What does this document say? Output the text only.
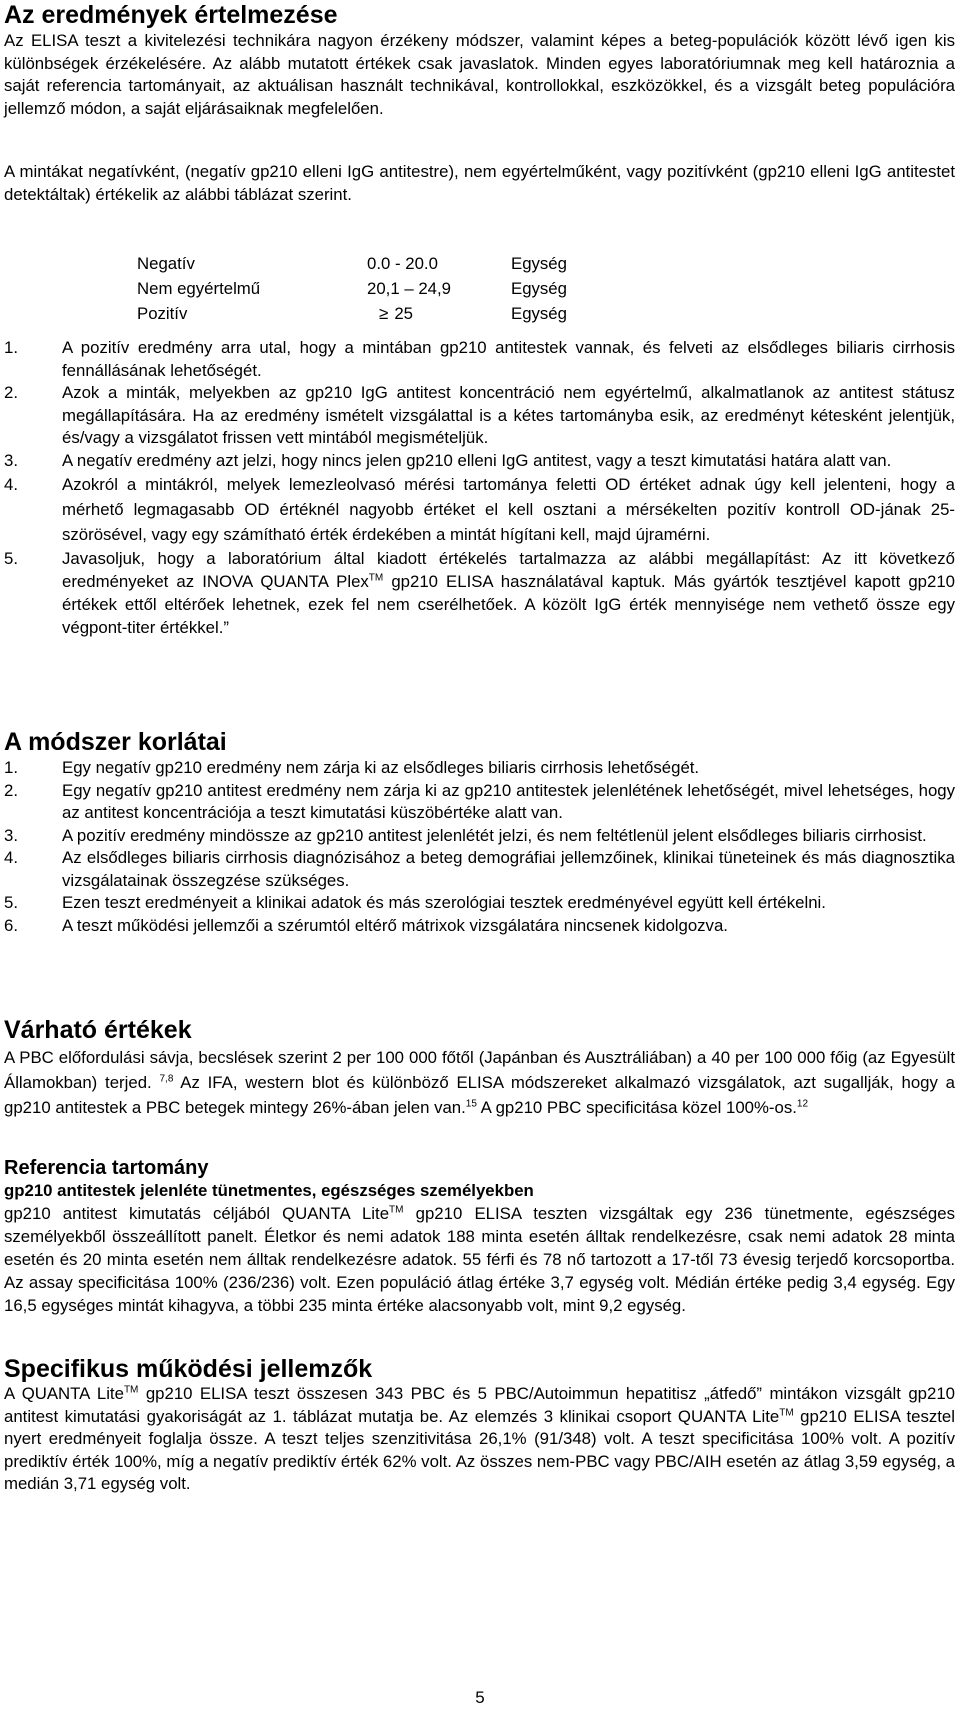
Az eredmények értelmezése

Az ELISA teszt a kivitelezési technikára nagyon érzékeny módszer, valamint képes a beteg-populációk között lévő igen kis különbségek érzékelésére. Az alább mutatott értékek csak javaslatok. Minden egyes laboratóriumnak meg kell határoznia a saját referencia tartományait, az aktuálisan használt technikával, kontrollokkal, eszközökkel, és a vizsgált beteg populációra jellemző módon, a saját eljárásaiknak megfelelően.

A mintákat negatívként, (negatív gp210 elleni IgG antitestre), nem egyértelműként, vagy pozitívként (gp210 elleni IgG antitestet detektáltak) értékelik az alábbi táblázat szerint.

Negatív	0.0 - 20.0	Egység
Nem egyértelmű	20,1 – 24,9	Egység
Pozitív	≥ 25	Egység
1.	A pozitív eredmény arra utal, hogy a mintában gp210 antitestek vannak, és felveti az elsődleges biliaris cirrhosis fennállásának lehetőségét.
2.	Azok a minták, melyekben az gp210 IgG antitest koncentráció nem egyértelmű, alkalmatlanok az antitest státusz megállapítására. Ha az eredmény ismételt vizsgálattal is a kétes tartományba esik, az eredményt kétesként jelentjük, és/vagy a vizsgálatot frissen vett mintából megismételjük.
3.	A negatív eredmény azt jelzi, hogy nincs jelen gp210 elleni IgG antitest, vagy a teszt kimutatási határa alatt van.
4.	Azokról a mintákról, melyek lemezleolvasó mérési tartománya feletti OD értéket adnak úgy kell jelenteni, hogy a mérhető legmagasabb OD értéknél nagyobb értéket el kell osztani a mérsékelten pozitív kontroll OD-jának 25-szörösével, vagy egy számítható érték érdekében a mintát hígítani kell, majd újramérni.
5.	Javasoljuk, hogy a laboratórium által kiadott értékelés tartalmazza az alábbi megállapítást: Az itt következő eredményeket az INOVA QUANTA Plex™ gp210 ELISA használatával kaptuk. Más gyártók tesztjével kapott gp210 értékek ettől eltérőek lehetnek, ezek fel nem cserélhetőek. A közölt IgG érték mennyisége nem vethető össze egy végpont-titer értékkel.”
A módszer korlátai
1.	Egy negatív gp210 eredmény nem zárja ki az elsődleges biliaris cirrhosis lehetőségét.
2.	Egy negatív gp210 antitest eredmény nem zárja ki az gp210 antitestek jelenlétének lehetőségét, mivel lehetséges, hogy az antitest koncentrációja a teszt kimutatási küszöbértéke alatt van.
3.	A pozitív eredmény mindössze az gp210 antitest jelenlétét jelzi, és nem feltétlenül jelent elsődleges biliaris cirrhosist.
4.	Az elsődleges biliaris cirrhosis diagnózisához a beteg demográfiai jellemzőinek, klinikai tüneteinek és más diagnosztika vizsgálatainak összegzése szükséges.
5.	Ezen teszt eredményeit a klinikai adatok és más szerológiai tesztek eredményével együtt kell értékelni.
6.	A teszt működési jellemzői a szérumtól eltérő mátrixok vizsgálatára nincsenek kidolgozva.
Várható értékek

A PBC előfordulási sávja, becslések szerint 2 per 100 000 főtől (Japánban és Ausztráliában) a 40 per 100 000 főig (az Egyesült Államokban) terjed. $^{7,8}$ Az IFA, western blot és különböző ELISA módszereket alkalmazó vizsgálatok, azt sugallják, hogy a gp210 antitestek a PBC betegek mintegy 26%-ában jelen van.$^{15}$ A gp210 PBC specificitása közel 100%-os.$^{12}$

Referencia tartomány
gp210 antitestek jelenléte tünetmentes, egészséges személyekben

gp210 antitest kimutatás céljából QUANTA Lite™ gp210 ELISA teszten vizsgáltak egy 236 tünetmente, egészséges személyekből összeállított panelt. Életkor és nemi adatok 188 minta esetén álltak rendelkezésre, csak nemi adatok 28 minta esetén és 20 minta esetén nem álltak rendelkezésre adatok. 55 férfi és 78 nő tartozott a 17-től 73 évesig terjedő korcsoportba. Az assay specificitása 100% (236/236) volt. Ezen populáció átlag értéke 3,7 egység volt. Médián értéke pedig 3,4 egység. Egy 16,5 egységes mintát kihagyva, a többi 235 minta értéke alacsonyabb volt, mint 9,2 egység.

Specifikus működési jellemzők

A QUANTA Lite™ gp210 ELISA teszt összesen 343 PBC és 5 PBC/Autoimmun hepatitisz „átfedő” mintákon vizsgált gp210 antitest kimutatási gyakoriságát az 1. táblázat mutatja be. Az elemzés 3 klinikai csoport QUANTA Lite™ gp210 ELISA tesztel nyert eredményeit foglalja össze. A teszt teljes szenzitivitása 26,1% (91/348) volt. A teszt specificitása 100% volt. A pozitív prediktív érték 100%, míg a negatív prediktív érték 62% volt. Az összes nem-PBC vagy PBC/AIH esetén az átlag 3,59 egység, a medián 3,71 egység volt.

5
